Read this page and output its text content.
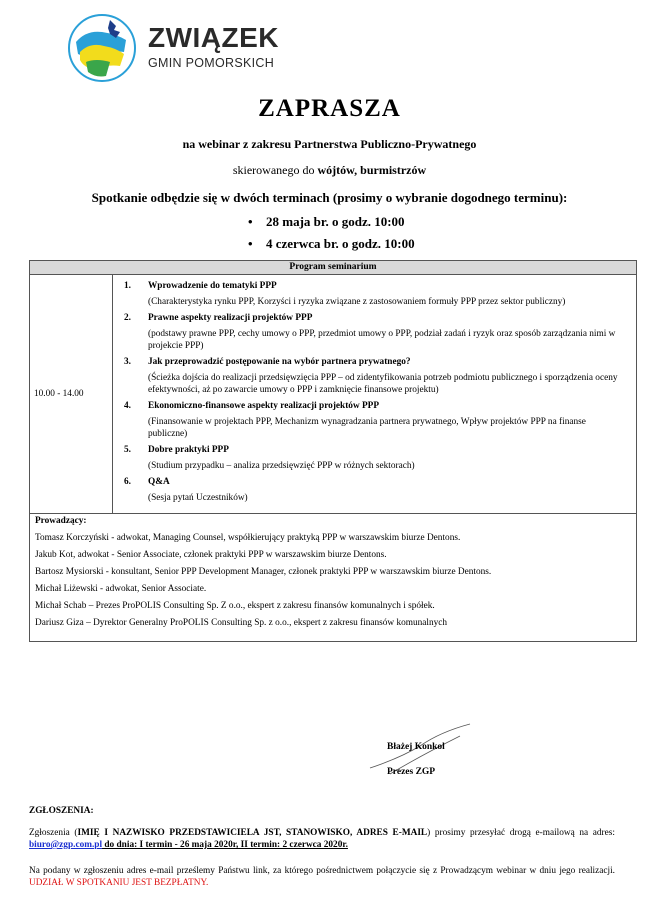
ZWIĄZEK
GMIN POMORSKICH
ZAPRASZA
na webinar z zakresu Partnerstwa Publiczno-Prywatnego
skierowanego do wójtów, burmistrzów
Spotkanie odbędzie się w dwóch terminach (prosimy o wybranie dogodnego terminu):
• 28 maja br. o godz. 10:00
• 4 czerwca br. o godz. 10:00
Program seminarium
10.00 - 14.00	
1. Wprowadzenie do tematyki PPP
(Charakterystyka rynku PPP, Korzyści i ryzyka związane z zastosowaniem formuły PPP przez sektor publiczny)
2. Prawne aspekty realizacji projektów PPP
(podstawy prawne PPP, cechy umowy o PPP, przedmiot umowy o PPP, podział zadań i ryzyk oraz sposób zarządzania nimi w projekcie PPP)
3. Jak przeprowadzić postępowanie na wybór partnera prywatnego?
(Ścieżka dojścia do realizacji przedsięwzięcia PPP – od zidentyfikowania potrzeb podmiotu publicznego i sporządzenia oceny efektywności, aż po zawarcie umowy o PPP i zamknięcie finansowe projektu)
4. Ekonomiczno-finansowe aspekty realizacji projektów PPP
(Finansowanie w projektach PPP, Mechanizm wynagradzania partnera prywatnego, Wpływ projektów PPP na finanse publiczne)
5. Dobre praktyki PPP
(Studium przypadku – analiza przedsięwzięć PPP w różnych sektorach)
6. Q&A
(Sesja pytań Uczestników)

Prowadzący:
Tomasz Korczyński - adwokat, Managing Counsel, współkierujący praktyką PPP w warszawskim biurze Dentons.
Jakub Kot, adwokat - Senior Associate, członek praktyki PPP w warszawskim biurze Dentons.
Bartosz Mysiorski - konsultant, Senior PPP Development Manager, członek praktyki PPP w warszawskim biurze Dentons.
Michał Liżewski - adwokat, Senior Associate.
Michał Schab – Prezes ProPOLIS Consulting Sp. Z o.o., ekspert z zakresu finansów komunalnych i spółek.
Dariusz Giza – Dyrektor Generalny ProPOLIS Consulting Sp. z o.o., ekspert z zakresu finansów komunalnych
Błażej Konkol
Prezes ZGP
ZGŁOSZENIA:
Zgłoszenia (IMIĘ I NAZWISKO PRZEDSTAWICIELA JST, STANOWISKO, ADRES E-MAIL) prosimy przesyłać drogą e-mailową na adres: biuro@zgp.com.pl do dnia: I termin - 26 maja 2020r, II termin: 2 czerwca 2020r.
Na podany w zgłoszeniu adres e-mail prześlemy Państwu link, za którego pośrednictwem połączycie się z Prowadzącym webinar w dniu jego realizacji. UDZIAŁ W SPOTKANIU JEST BEZPŁATNY.
